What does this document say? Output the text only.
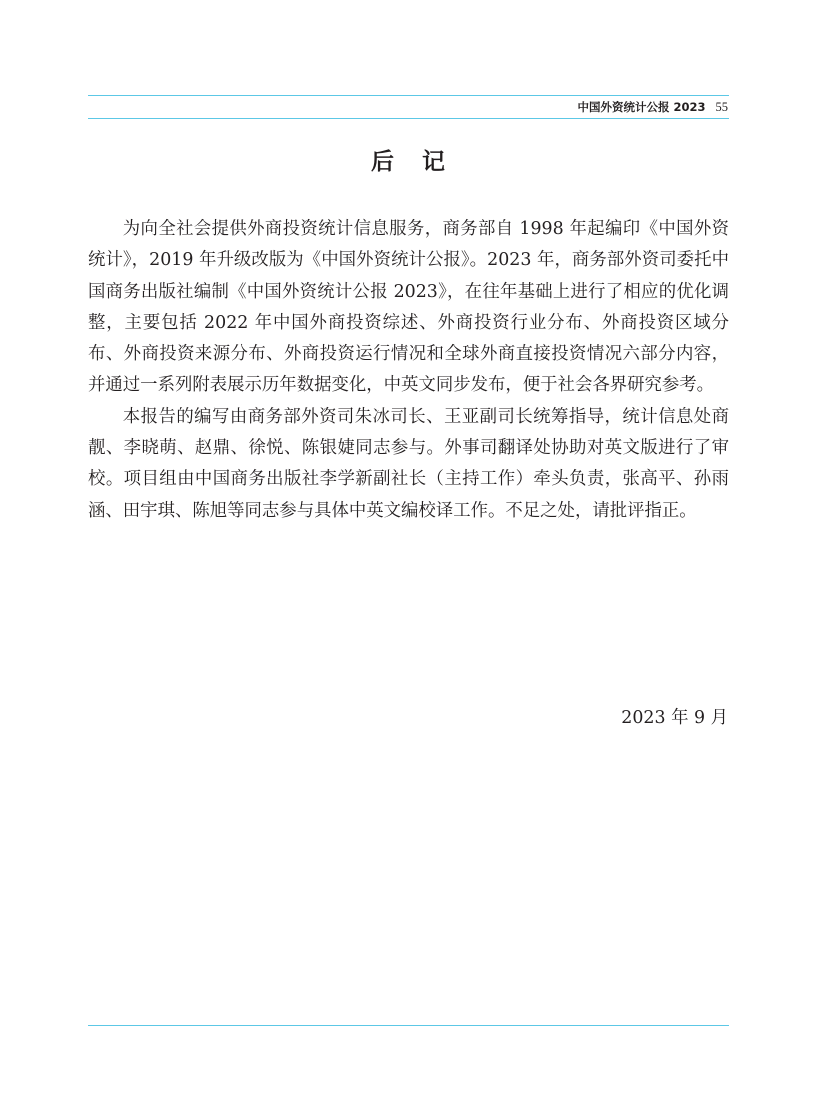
中国外资统计公报 2023 55
后记

为向全社会提供外商投资统计信息服务，商务部自 1998 年起编印《中国外资统计》，2019 年升级改版为《中国外资统计公报》。2023 年，商务部外资司委托中国商务出版社编制《中国外资统计公报 2023》，在往年基础上进行了相应的优化调整，主要包括 2022 年中国外商投资综述、外商投资行业分布、外商投资区域分布、外商投资来源分布、外商投资运行情况和全球外商直接投资情况六部分内容，并通过一系列附表展示历年数据变化，中英文同步发布，便于社会各界研究参考。

本报告的编写由商务部外资司朱冰司长、王亚副司长统筹指导，统计信息处商靓、李晓萌、赵鼎、徐悦、陈银婕同志参与。外事司翻译处协助对英文版进行了审校。项目组由中国商务出版社李学新副社长（主持工作）牵头负责，张高平、孙雨涵、田宇琪、陈旭等同志参与具体中英文编校译工作。不足之处，请批评指正。

2023 年 9 月
